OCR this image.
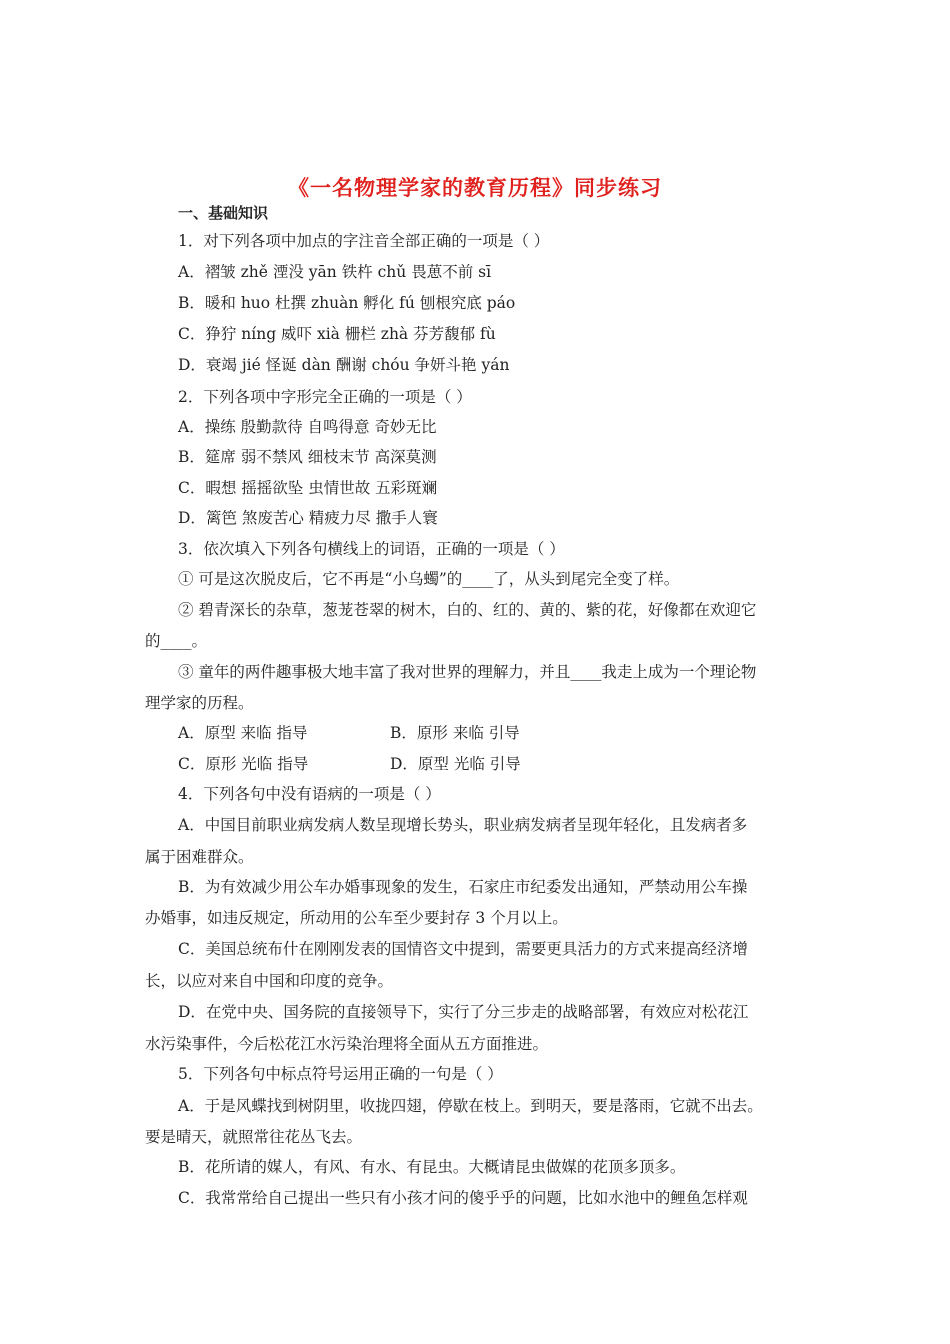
《一名物理学家的教育历程》同步练习
一、基础知识
1．对下列各项中加点的字注音全部正确的一项是（ ）
A．褶皱 zhě 湮没 yān 铁杵 chǔ 畏葸不前 sī
B．暖和 huo 杜撰 zhuàn 孵化 fú 刨根究底 páo
C．狰狞 níng 威吓 xià 栅栏 zhà 芬芳馥郁 fù
D．衰竭 jié 怪诞 dàn 酬谢 chóu 争妍斗艳 yán
2．下列各项中字形完全正确的一项是（ ）
A．操练 殷勤款待 自鸣得意 奇妙无比
B．筵席 弱不禁风 细枝末节 高深莫测
C．暇想 摇摇欲坠 虫情世故 五彩斑斓
D．篱笆 煞废苦心 精疲力尽 撒手人寰
3．依次填入下列各句横线上的词语，正确的一项是（ ）
① 可是这次脱皮后，它不再是“小乌蠋”的____了，从头到尾完全变了样。
② 碧青深长的杂草，葱茏苍翠的树木，白的、红的、黄的、紫的花，好像都在欢迎它
的____。
③ 童年的两件趣事极大地丰富了我对世界的理解力，并且____我走上成为一个理论物
理学家的历程。
A．原型 来临 指导	B．原形 来临 引导
C．原形 光临 指导	D．原型 光临 引导
4．下列各句中没有语病的一项是（ ）
A．中国目前职业病发病人数呈现增长势头，职业病发病者呈现年轻化，且发病者多
属于困难群众。
B．为有效减少用公车办婚事现象的发生，石家庄市纪委发出通知，严禁动用公车操
办婚事，如违反规定，所动用的公车至少要封存 3 个月以上。
C．美国总统布什在刚刚发表的国情咨文中提到，需要更具活力的方式来提高经济增
长，以应对来自中国和印度的竞争。
D．在党中央、国务院的直接领导下，实行了分三步走的战略部署，有效应对松花江
水污染事件，今后松花江水污染治理将全面从五方面推进。
5．下列各句中标点符号运用正确的一句是（ ）
A．于是风蝶找到树阴里，收拢四翅，停歇在枝上。到明天，要是落雨，它就不出去。
要是晴天，就照常往花丛飞去。
B．花所请的媒人，有风、有水、有昆虫。大概请昆虫做媒的花顶多顶多。
C．我常常给自己提出一些只有小孩才问的傻乎乎的问题，比如水池中的鲤鱼怎样观
